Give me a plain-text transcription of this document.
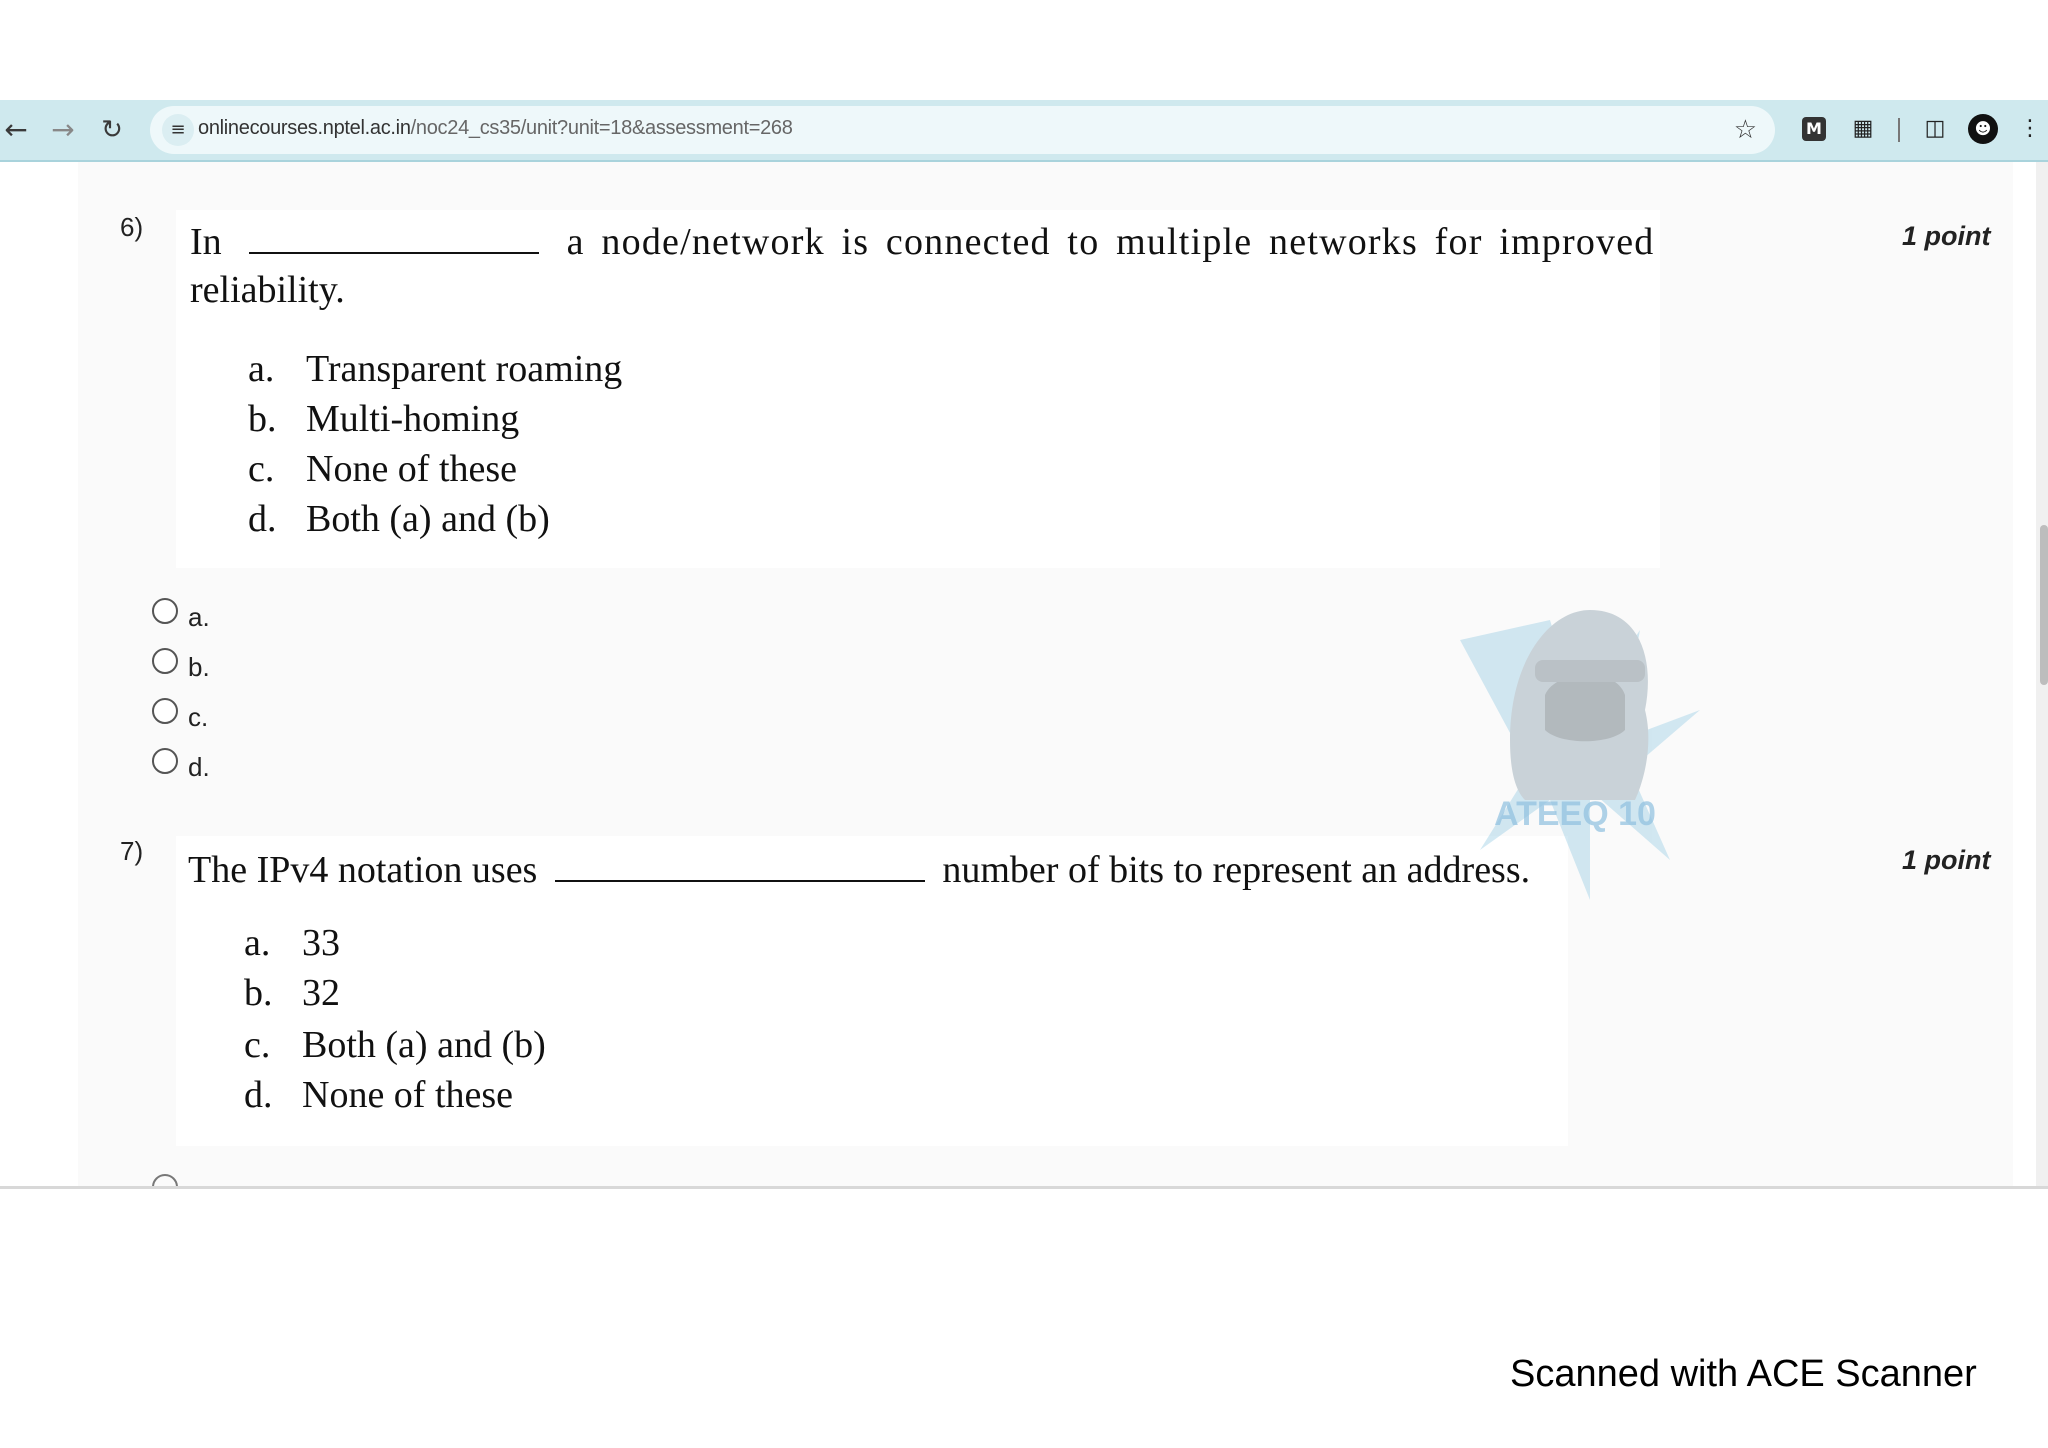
← → ↻	≡ onlinecourses.nptel.ac.in/noc24_cs35/unit?unit=18&assessment=268	☆	M ▦ ◫	☻	⋮
6)	1 point
In	a node/network is connected to multiple networks for improved
reliability.
a. Transparent roaming
b. Multi-homing
c. None of these
d. Both (a) and (b)
a.
b.
c.
d.
7)	1 point
The IPv4 notation uses	number of bits to represent an address.
a. 33
b. 32
c. Both (a) and (b)
d. None of these
ATEEQ 10
Scanned with ACE Scanner
